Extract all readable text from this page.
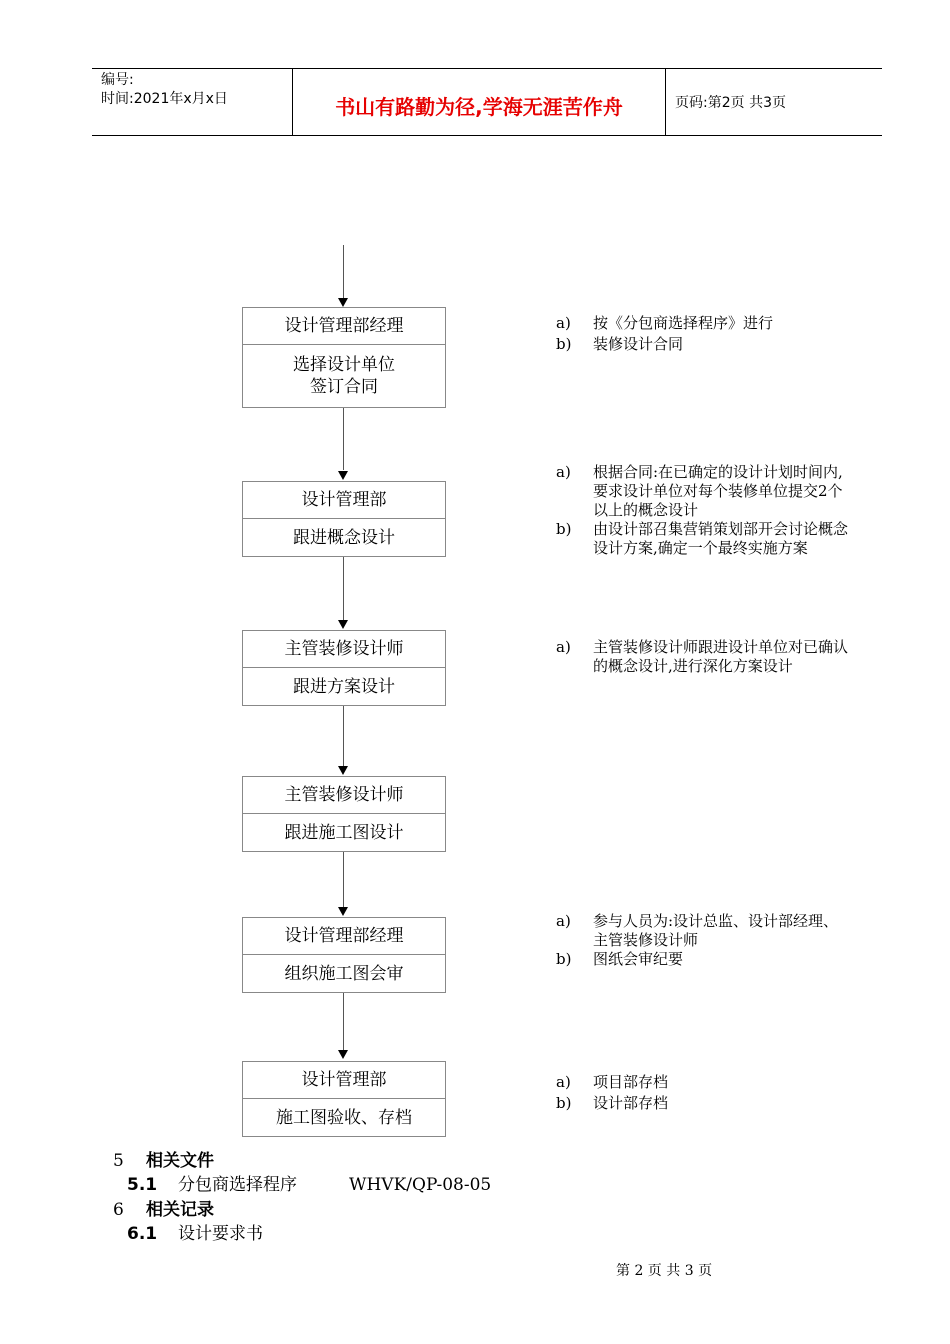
编号:
时间:2021年x月x日	书山有路勤为径,学海无涯苦作舟	页码:第2页 共3页
设计管理部经理
选择设计单位
签订合同
设计管理部
跟进概念设计
主管装修设计师
跟进方案设计
主管装修设计师
跟进施工图设计
设计管理部经理
组织施工图会审
设计管理部
施工图验收、存档
a)	按《分包商选择程序》进行
b)	装修设计合同
a)	根据合同:在已确定的设计计划时间内,要求设计单位对每个装修单位提交2个以上的概念设计
b)	由设计部召集营销策划部开会讨论概念设计方案,确定一个最终实施方案
a)	主管装修设计师跟进设计单位对已确认的概念设计,进行深化方案设计
a)	参与人员为:设计总监、设计部经理、主管装修设计师
b)	图纸会审纪要
a)	项目部存档
b)	设计部存档
5 相关文件
5.1 分包商选择程序	WHVK/QP-08-05
6 相关记录
6.1 设计要求书
第 2 页 共 3 页
